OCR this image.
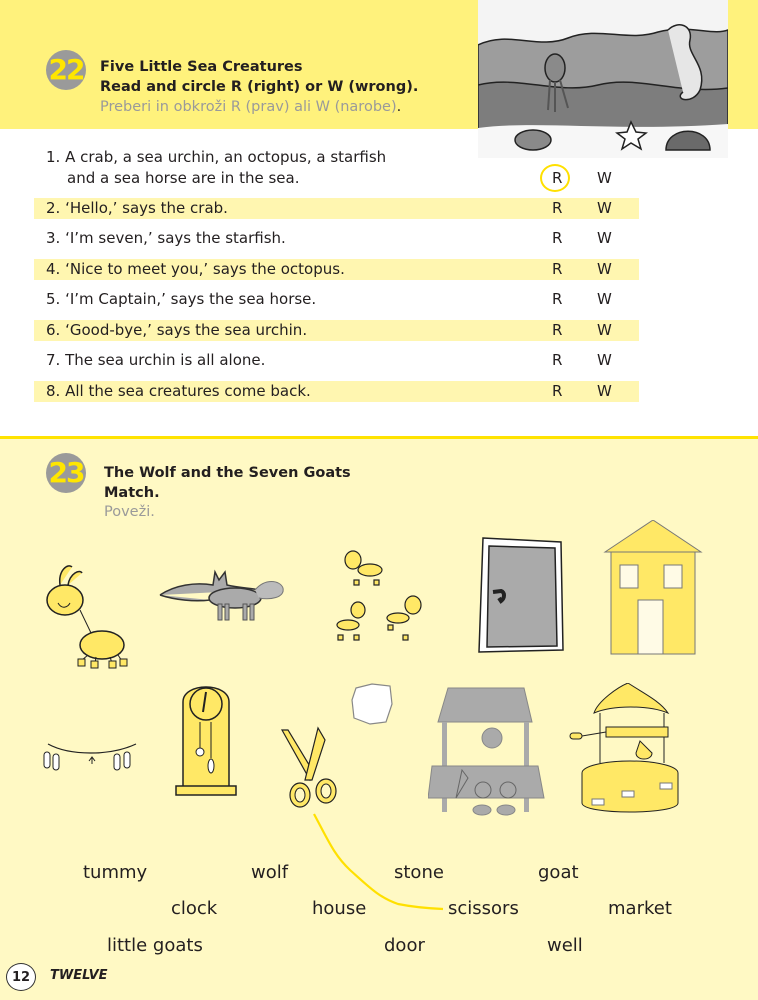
22 Five Little Sea Creatures
Read and circle R (right) or W (wrong).
Preberi in obkroži R (prav) ali W (narobe).
1. A crab, a sea urchin, an octopus, a starfish
and a sea horse are in the sea.	R W
2. ‘Hello,’ says the crab.	R W
3. ‘I’m seven,’ says the starfish.	R W
4. ‘Nice to meet you,’ says the octopus.	R W
5. ‘I’m Captain,’ says the sea horse.	R W
6. ‘Good-bye,’ says the sea urchin.	R W
7. The sea urchin is all alone.	R W
8. All the sea creatures come back.	R W
23 The Wolf and the Seven Goats
Match.
Poveži.
tummy	wolf	stone	goat
clock	house	scissors	market
little goats	door	well
12	TWELVE
